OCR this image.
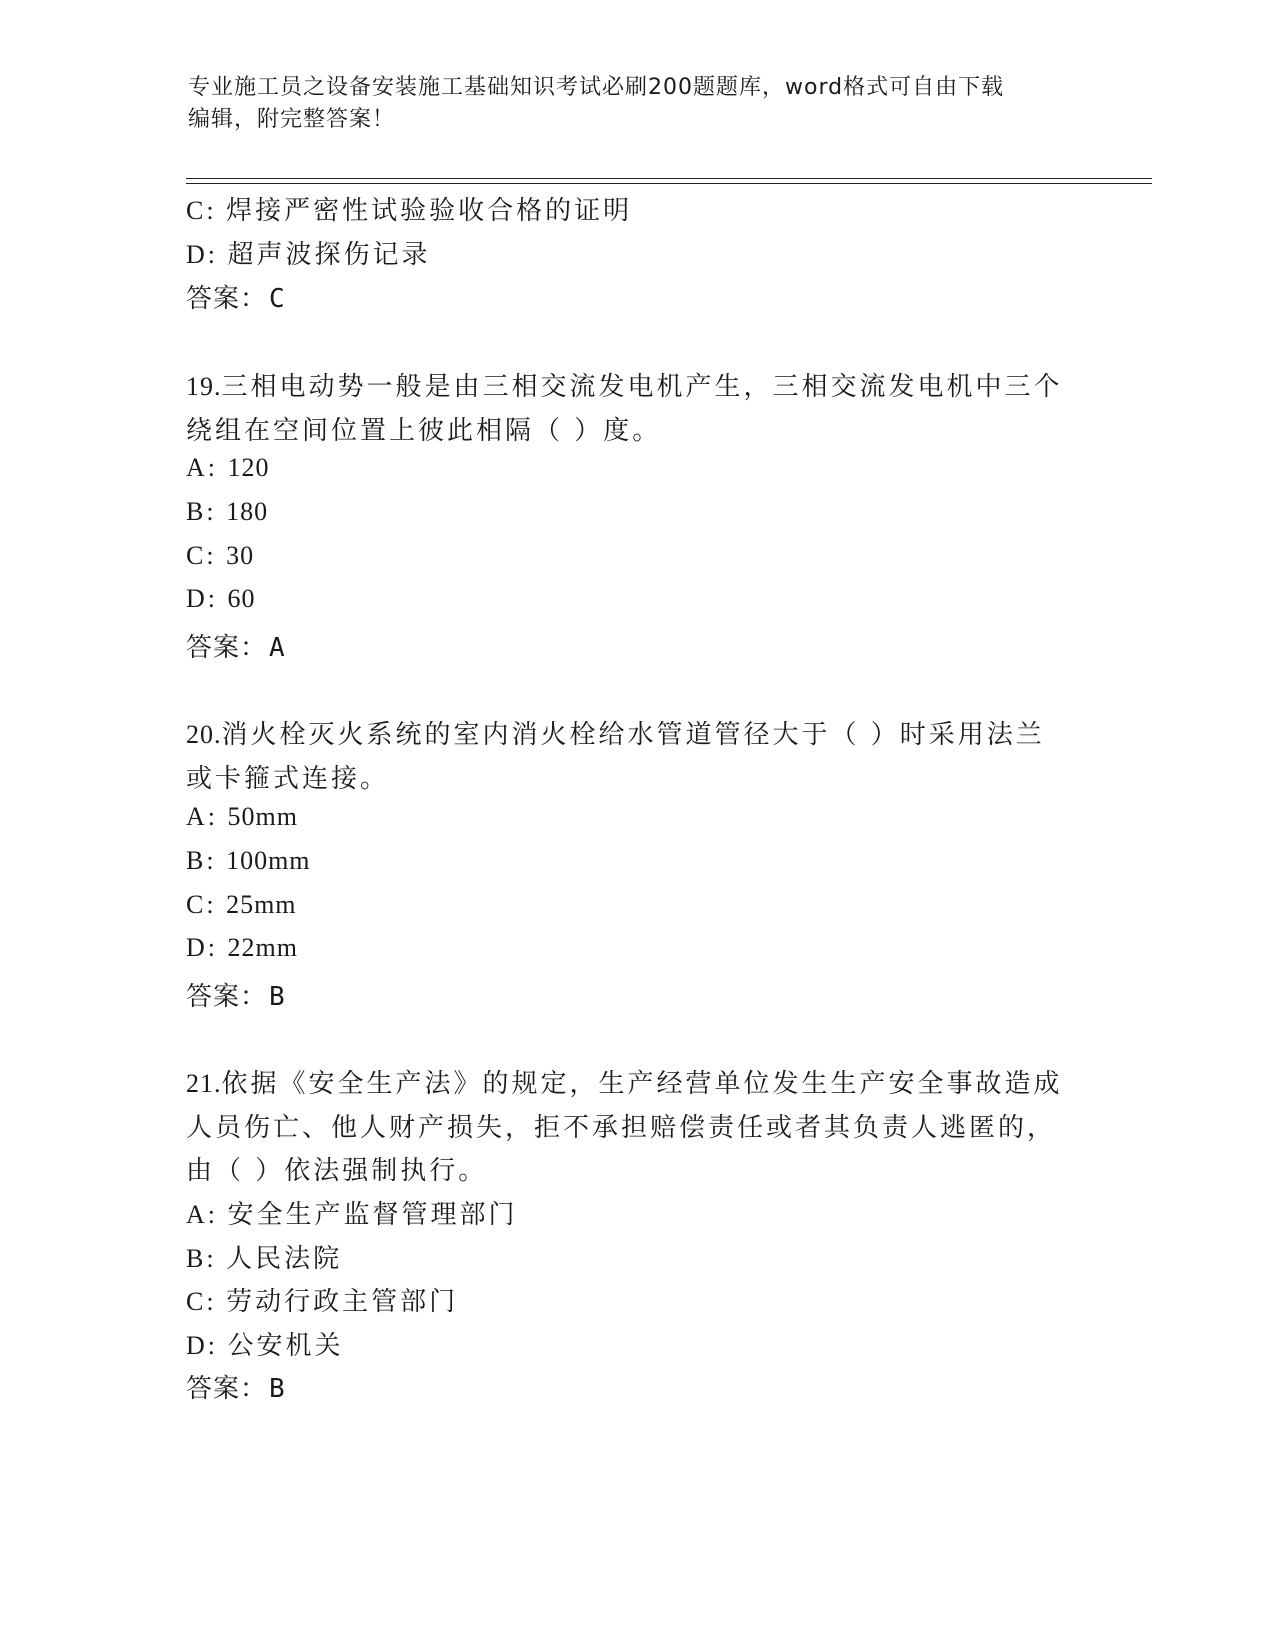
专业施工员之设备安装施工基础知识考试必刷200题题库，word格式可自由下载
编辑，附完整答案！
C: 焊接严密性试验验收合格的证明
D: 超声波探伤记录
答案：C
19.三相电动势一般是由三相交流发电机产生，三相交流发电机中三个
绕组在空间位置上彼此相隔（ ）度。
A: 120
B: 180
C: 30
D: 60
答案：A
20.消火栓灭火系统的室内消火栓给水管道管径大于（ ）时采用法兰
或卡箍式连接。
A: 50mm
B: 100mm
C: 25mm
D: 22mm
答案：B
21.依据《安全生产法》的规定，生产经营单位发生生产安全事故造成
人员伤亡、他人财产损失，拒不承担赔偿责任或者其负责人逃匿的，
由（ ）依法强制执行。
A: 安全生产监督管理部门
B: 人民法院
C: 劳动行政主管部门
D: 公安机关
答案：B
